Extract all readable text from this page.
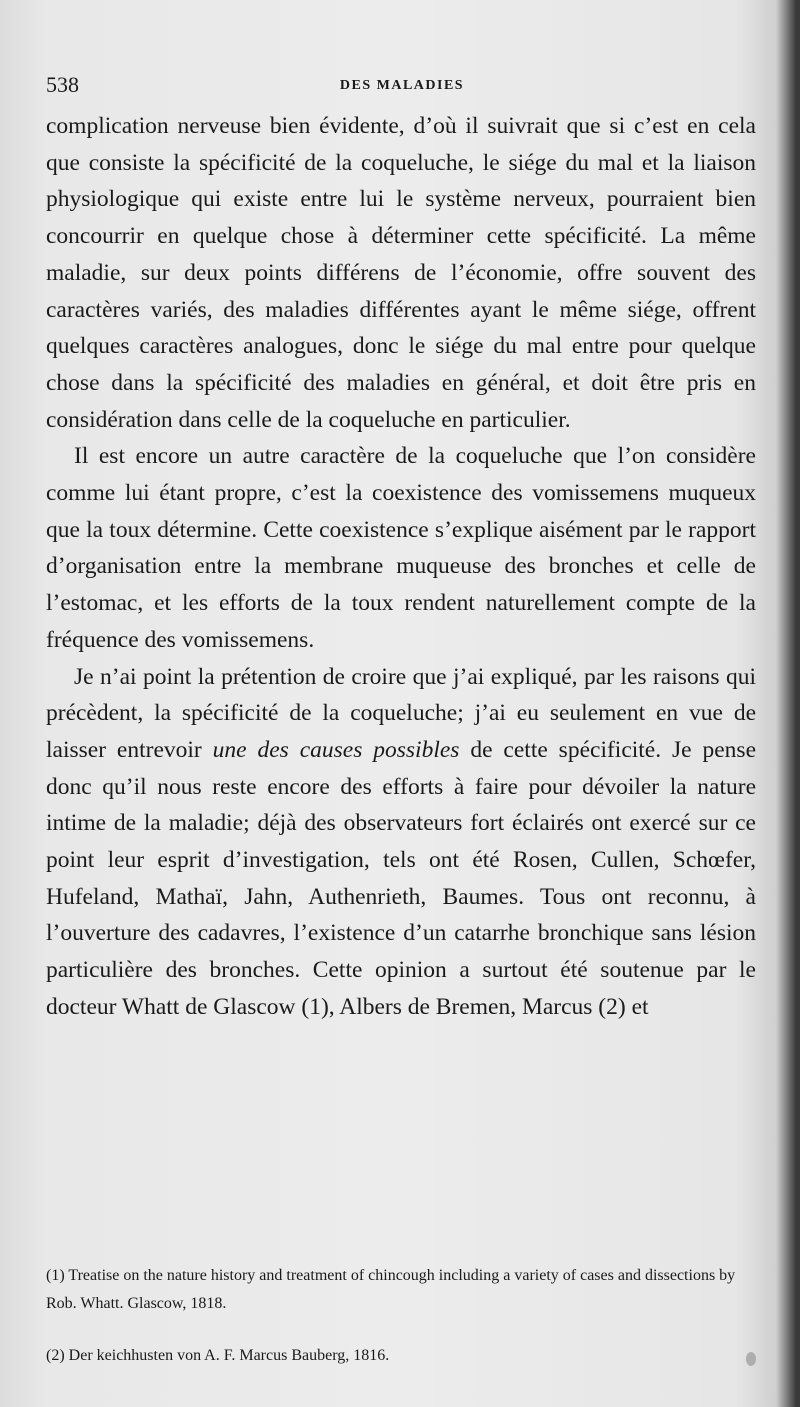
538	DES MALADIES

complication nerveuse bien évidente, d’où il suivrait que si c’est en cela que consiste la spécificité de la coqueluche, le siége du mal et la liaison physiologique qui existe entre lui le système nerveux, pourraient bien concourrir en quelque chose à déterminer cette spécificité. La même maladie, sur deux points différens de l’économie, offre souvent des caractères variés, des maladies différentes ayant le même siége, offrent quelques caractères analogues, donc le siége du mal entre pour quelque chose dans la spécificité des maladies en général, et doit être pris en considération dans celle de la coqueluche en particulier.

Il est encore un autre caractère de la coqueluche que l’on considère comme lui étant propre, c’est la coexistence des vomissemens muqueux que la toux détermine. Cette coexistence s’explique aisément par le rapport d’organisation entre la membrane muqueuse des bronches et celle de l’estomac, et les efforts de la toux rendent naturellement compte de la fréquence des vomissemens.

Je n’ai point la prétention de croire que j’ai expliqué, par les raisons qui précèdent, la spécificité de la coqueluche; j’ai eu seulement en vue de laisser entrevoir une des causes possibles de cette spécificité. Je pense donc qu’il nous reste encore des efforts à faire pour dévoiler la nature intime de la maladie; déjà des observateurs fort éclairés ont exercé sur ce point leur esprit d’investigation, tels ont été Rosen, Cullen, Schœfer, Hufeland, Mathaï, Jahn, Authenrieth, Baumes. Tous ont reconnu, à l’ouverture des cadavres, l’existence d’un catarrhe bronchique sans lésion particulière des bronches. Cette opinion a surtout été soutenue par le docteur Whatt de Glascow (1), Albers de Bremen, Marcus (2) et

(1) Treatise on the nature history and treatment of chincough including a variety of cases and dissections by Rob. Whatt. Glascow, 1818.

(2) Der keichhusten von A. F. Marcus Bauberg, 1816.
